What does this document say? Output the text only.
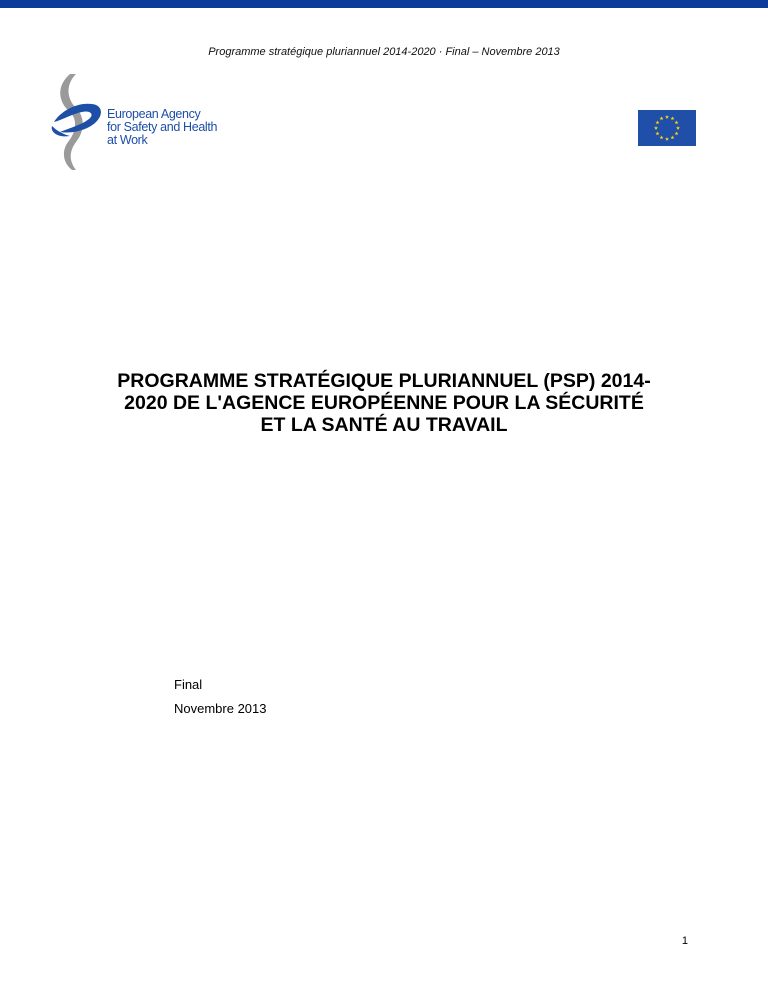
Programme stratégique pluriannuel 2014-2020 · Final – Novembre 2013
European Agency
for Safety and Health
at Work
PROGRAMME STRATÉGIQUE PLURIANNUEL (PSP) 2014-
2020 DE L'AGENCE EUROPÉENNE POUR LA SÉCURITÉ
ET LA SANTÉ AU TRAVAIL
Final
Novembre 2013
1
